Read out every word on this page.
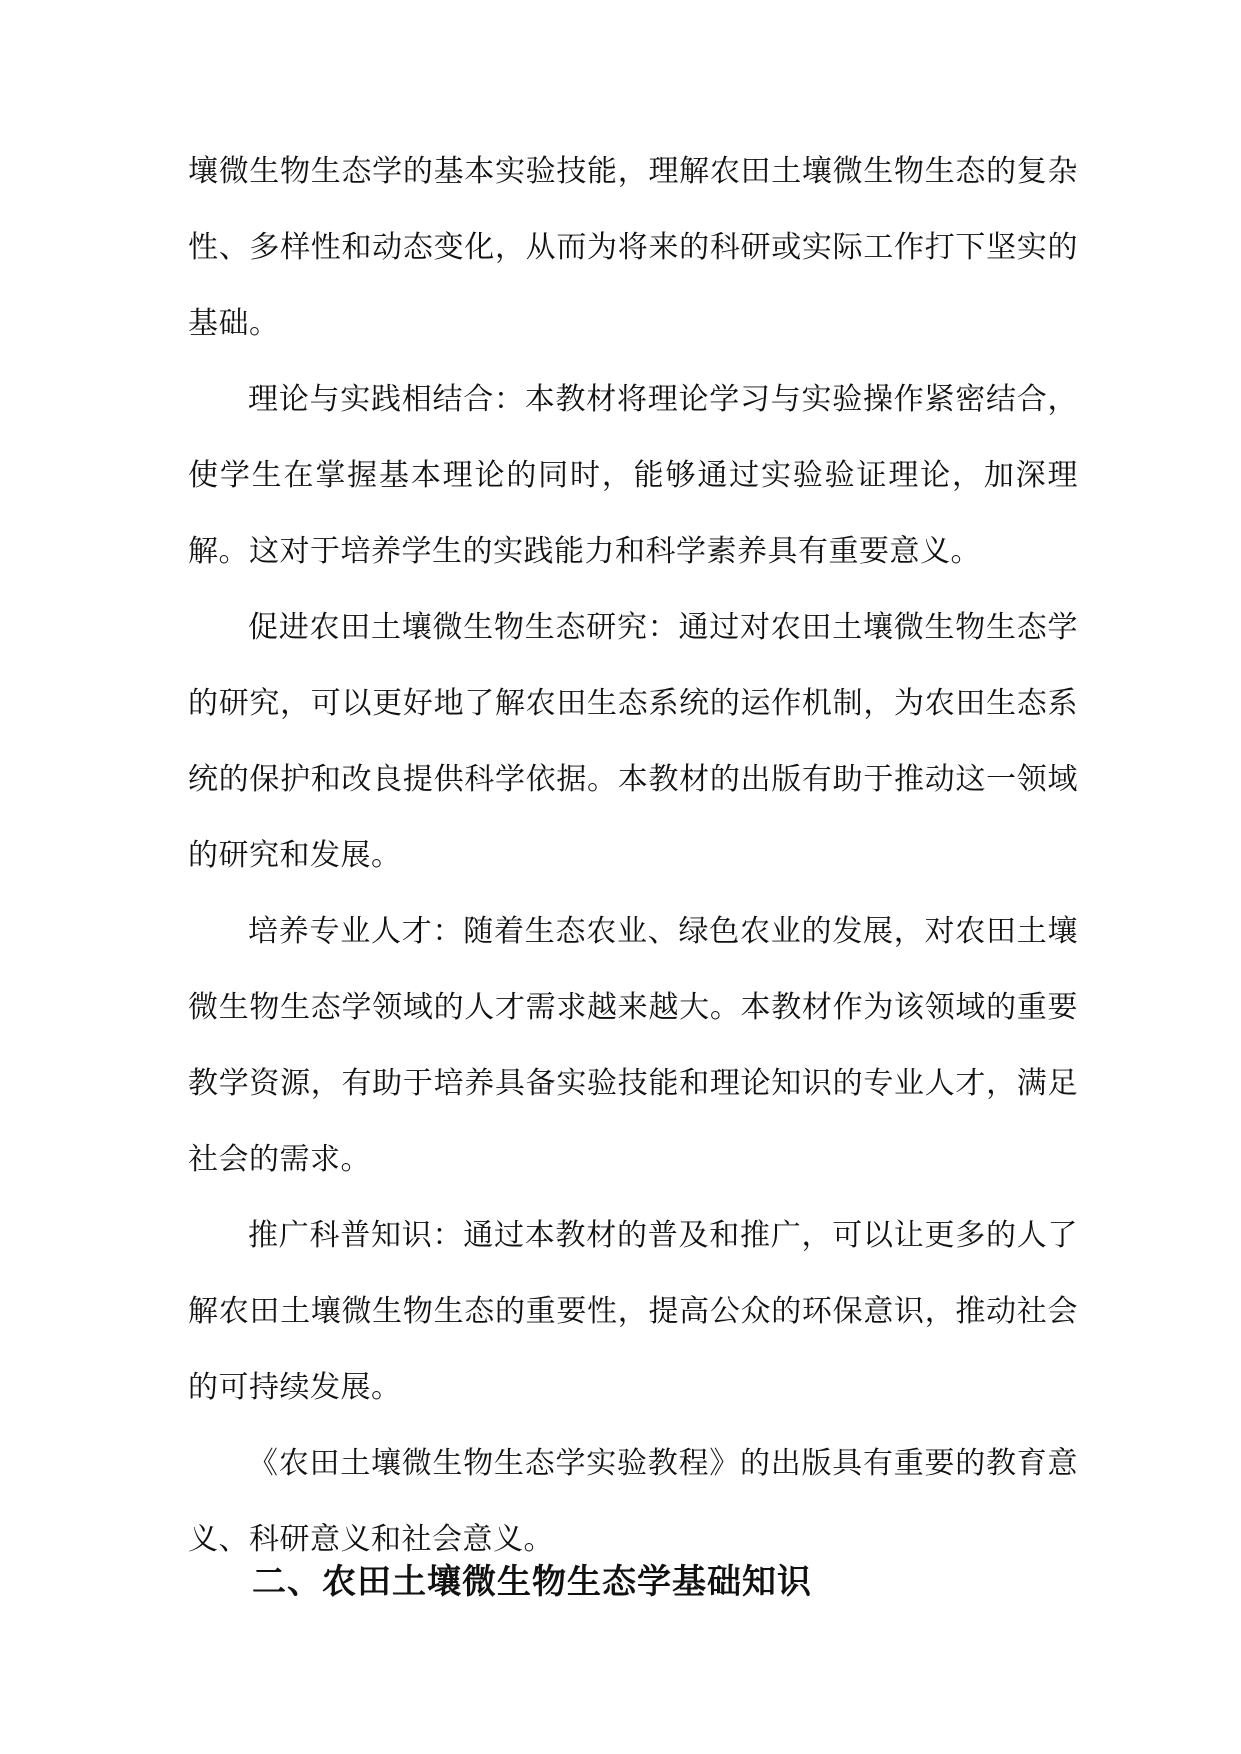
壤微生物生态学的基本实验技能，理解农田土壤微生物生态的复杂性、多样性和动态变化，从而为将来的科研或实际工作打下坚实的基础。

理论与实践相结合：本教材将理论学习与实验操作紧密结合，使学生在掌握基本理论的同时，能够通过实验验证理论，加深理解。这对于培养学生的实践能力和科学素养具有重要意义。

促进农田土壤微生物生态研究：通过对农田土壤微生物生态学的研究，可以更好地了解农田生态系统的运作机制，为农田生态系统的保护和改良提供科学依据。本教材的出版有助于推动这一领域的研究和发展。

培养专业人才：随着生态农业、绿色农业的发展，对农田土壤微生物生态学领域的人才需求越来越大。本教材作为该领域的重要教学资源，有助于培养具备实验技能和理论知识的专业人才，满足社会的需求。

推广科普知识：通过本教材的普及和推广，可以让更多的人了解农田土壤微生物生态的重要性，提高公众的环保意识，推动社会的可持续发展。

《农田土壤微生物生态学实验教程》的出版具有重要的教育意义、科研意义和社会意义。

二、农田土壤微生物生态学基础知识
